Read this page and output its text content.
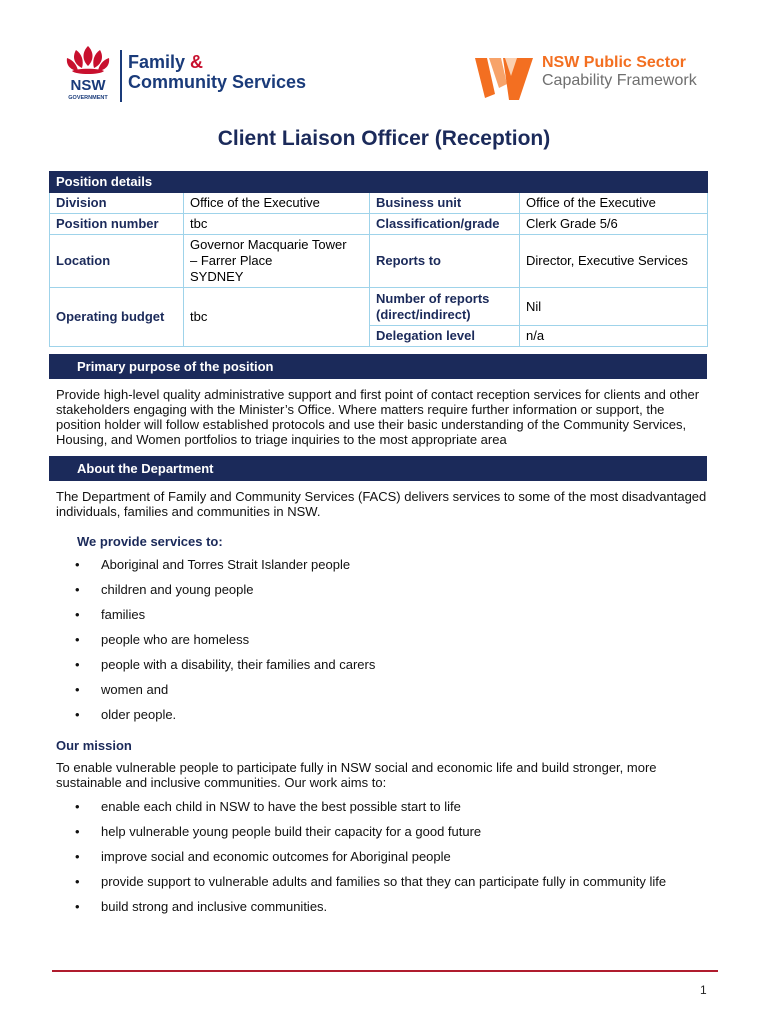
NSW
GOVERNMENT
Family &
Community Services
NSW Public Sector
Capability Framework
Client Liaison Officer (Reception)
Position details			
Division	Office of the Executive	Business unit	Office of the Executive
Position number	tbc	Classification/grade	Clerk Grade 5/6
Location	Governor Macquarie Tower
– Farrer Place
SYDNEY	Reports to	Director, Executive Services
Operating budget	tbc	Number of reports (direct/indirect)	Nil
		Delegation level	n/a
Primary purpose of the position
Provide high-level quality administrative support and first point of contact reception services for clients and other stakeholders engaging with the Minister’s Office. Where matters require further information or support, the position holder will follow established protocols and use their basic understanding of the Community Services, Housing, and Women portfolios to triage inquiries to the most appropriate area
About the Department
The Department of Family and Community Services (FACS) delivers services to some of the most disadvantaged individuals, families and communities in NSW.
We provide services to:
• Aboriginal and Torres Strait Islander people
• children and young people
• families
• people who are homeless
• people with a disability, their families and carers
• women and
• older people.
Our mission
To enable vulnerable people to participate fully in NSW social and economic life and build stronger, more sustainable and inclusive communities. Our work aims to:
• enable each child in NSW to have the best possible start to life
• help vulnerable young people build their capacity for a good future
• improve social and economic outcomes for Aboriginal people
• provide support to vulnerable adults and families so that they can participate fully in community life
• build strong and inclusive communities.
1
